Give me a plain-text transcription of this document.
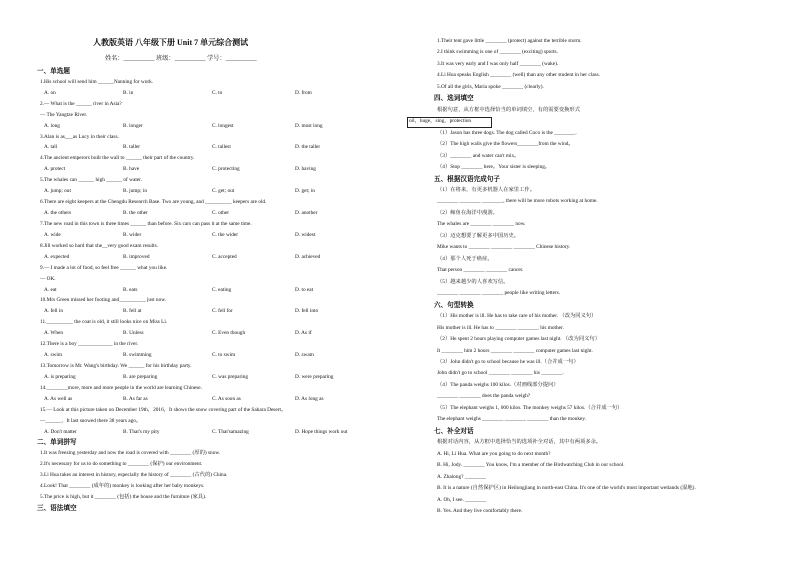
人教版英语 八年级下册 Unit 7 单元综合测试
姓名：__________ 班级：__________ 学号：__________
一、单选题
1.His school will send him ______Nanning for work.
A. on	B. in	C. to	D. from
2.— What is the ______ river in Asia?
— The Yangtze River.
A. long	B. longer	C. longest	D. most long
3.Alan is as___as Lucy in their class.
A. tall	B. taller	C. tallest	D. the taller
4.The ancient emperors built the wall to ______ their part of the country.
A. protect	B. have	C. protecting	D. having
5.The whales can ______ high ______ of water.
A. jump; out	B. jump; in	C. get; out	D. get; in
6.There are eight keepers at the Chengdu Research Base. Two are young, and __________ keepers are old.
A. the others	B. the other	C. other	D. another
7.The new road in this town is three times ______ than before. Six cars can pass it at the same time.
A. wide	B. wider	C. the wider	D. widest
8.Jill worked so hard that she__very good exam results.
A. expected	B. improved	C. accepted	D. achieved
9.— I made a lot of food, so feel free ______ what you like.
— OK.
A. eat	B. eats	C. eating	D. to eat
10.Mrs Green missed her footing and__________ just now.
A. fell in	B. fell at	C. fell for	D. fell into
11.__________ the coat is old, it still looks nice on Miss Li.
A. When	B. Unless	C. Even though	D. As if
12.There is a boy _____________ in the river.
A. swim	B. swimming	C. to swim	D. swam
13.Tomorrow is Mr. Wang's birthday. We ______ for his birthday party.
A. is preparing	B. are preparing	C. was preparing	D. were preparing
14.________more, more and more people in the world are learning Chinese.
A. As well as	B. As far as	C. As soon as	D. As long as
15.— Look at this picture taken on December 19th，2016，It shows the snow covering part of the Sahara Desert。
—______，It last snowed there 38 years ago。
A. Don't matter	B. That's my pity	C. That'samazing	D. Hope things work out
二、单词拼写
1.It was freezing yesterday and now the road is covered with ________ (厚的) snow.
2.It's necessary for us to do something to ________ (保护) our environment.
3.Li Hua takes an interest in history, especially the history of ________ (古代的) China.
4.Look! That ________ (成年的) monkey is looking after her baby monkeys.
5.The price is high, but it ________ (包括) the house and the furniture (家具).
三、语法填空
1.Their tent gave little ________ (protect) against the terrible storm.
2.I think swimming is one of ________ (exciting) sports.
3.It was very early and I was only half ________ (wake).
4.Li Hua speaks English ________ (well) than any other student in her class.
5.Of all the girls, Maria spoke ________ (clearly).
四、选词填空
根据句意，从方框中选择恰当的单词填空，有的需要变换形式
oil，huge，sing，protection
（1）Jason has three dogs. The dog called Coco is the ________.
（2）The high walls give the flowers________from the wind。
（3）________ and water can't mix。
（4）Stop ________ here。Your sister is sleeping。
五、根据汉语完成句子
（1）在将来，有更多机器人在家里工作。
________ ________ ________, there will be more robots working at home.
（2）鲸鱼在海洋中漫游。
The whales are ________ ________ now.
（3）迈克想要了解更多中国历史。
Mike wants to ________ ________ ________ Chinese history.
（4）那个人死于癌症。
That person ________ ________ cancer.
（5）越来越少的人喜欢写信。
________ ________ ________ people like writing letters.
六、句型转换
（1）His mother is ill. He has to take care of his mother. （改为同义句）
His mother is ill. He has to ________ ________ his mother.
（2）He spent 2 hours playing computer games last night. （改为同义句）
It ________ him 2 hours ________ ________ computer games last night.
（3）John didn't go to school because he was ill.（合并成一句）
John didn't go to school ________ ________ his ________.
（4）The panda weighs 100 kilos.（对画线部分提问）
________ ________ does the panda weigh?
（5）The elephant weighs 1, 000 kilos. The monkey weighs 57 kilos.（合并成一句）
The elephant weighs ________ ________ ________ than the monkey.
七、补全对话
根据对话内容，从方框中选择恰当的选项补全对话，其中有两项多余。
A. Hi, Li Hua. What are you going to do next month?
B. Hi, Jody. ________ You know, I'm a member of the Birdwatching Club in our school.
A. Zhalong? ________
B. It is a nature (自然保护区) in Heilongjiang in north-east China. It's one of the world's most important wetlands (湿地).
A. Oh, I see. ________
B. Yes. And they live comfortably there.
